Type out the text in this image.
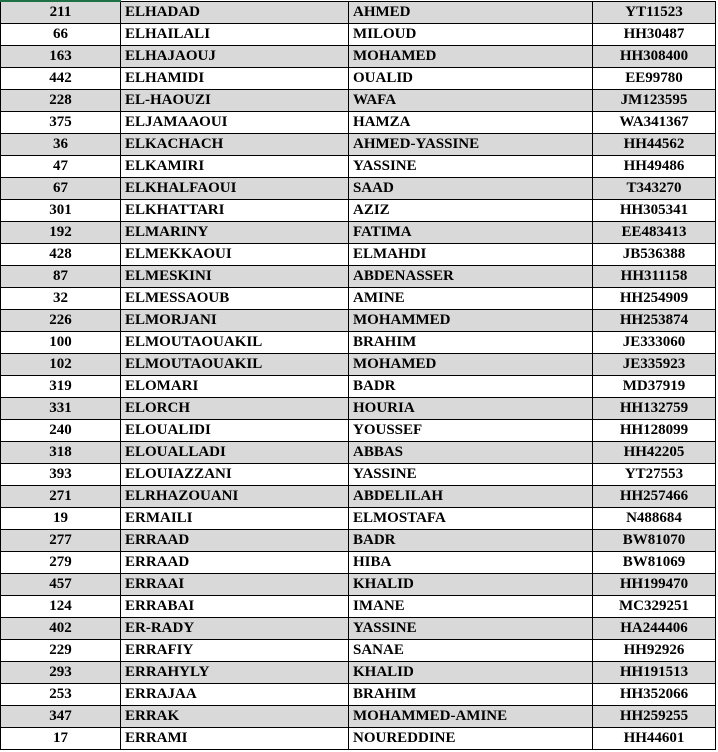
211	ELHADAD	AHMED	YT11523
66	ELHAILALI	MILOUD	HH30487
163	ELHAJAOUJ	MOHAMED	HH308400
442	ELHAMIDI	OUALID	EE99780
228	EL-HAOUZI	WAFA	JM123595
375	ELJAMAAOUI	HAMZA	WA341367
36	ELKACHACH	AHMED-YASSINE	HH44562
47	ELKAMIRI	YASSINE	HH49486
67	ELKHALFAOUI	SAAD	T343270
301	ELKHATTARI	AZIZ	HH305341
192	ELMARINY	FATIMA	EE483413
428	ELMEKKAOUI	ELMAHDI	JB536388
87	ELMESKINI	ABDENASSER	HH311158
32	ELMESSAOUB	AMINE	HH254909
226	ELMORJANI	MOHAMMED	HH253874
100	ELMOUTAOUAKIL	BRAHIM	JE333060
102	ELMOUTAOUAKIL	MOHAMED	JE335923
319	ELOMARI	BADR	MD37919
331	ELORCH	HOURIA	HH132759
240	ELOUALIDI	YOUSSEF	HH128099
318	ELOUALLADI	ABBAS	HH42205
393	ELOUIAZZANI	YASSINE	YT27553
271	ELRHAZOUANI	ABDELILAH	HH257466
19	ERMAILI	ELMOSTAFA	N488684
277	ERRAAD	BADR	BW81070
279	ERRAAD	HIBA	BW81069
457	ERRAAI	KHALID	HH199470
124	ERRABAI	IMANE	MC329251
402	ER-RADY	YASSINE	HA244406
229	ERRAFIY	SANAE	HH92926
293	ERRAHYLY	KHALID	HH191513
253	ERRAJAA	BRAHIM	HH352066
347	ERRAK	MOHAMMED-AMINE	HH259255
17	ERRAMI	NOUREDDINE	HH44601
